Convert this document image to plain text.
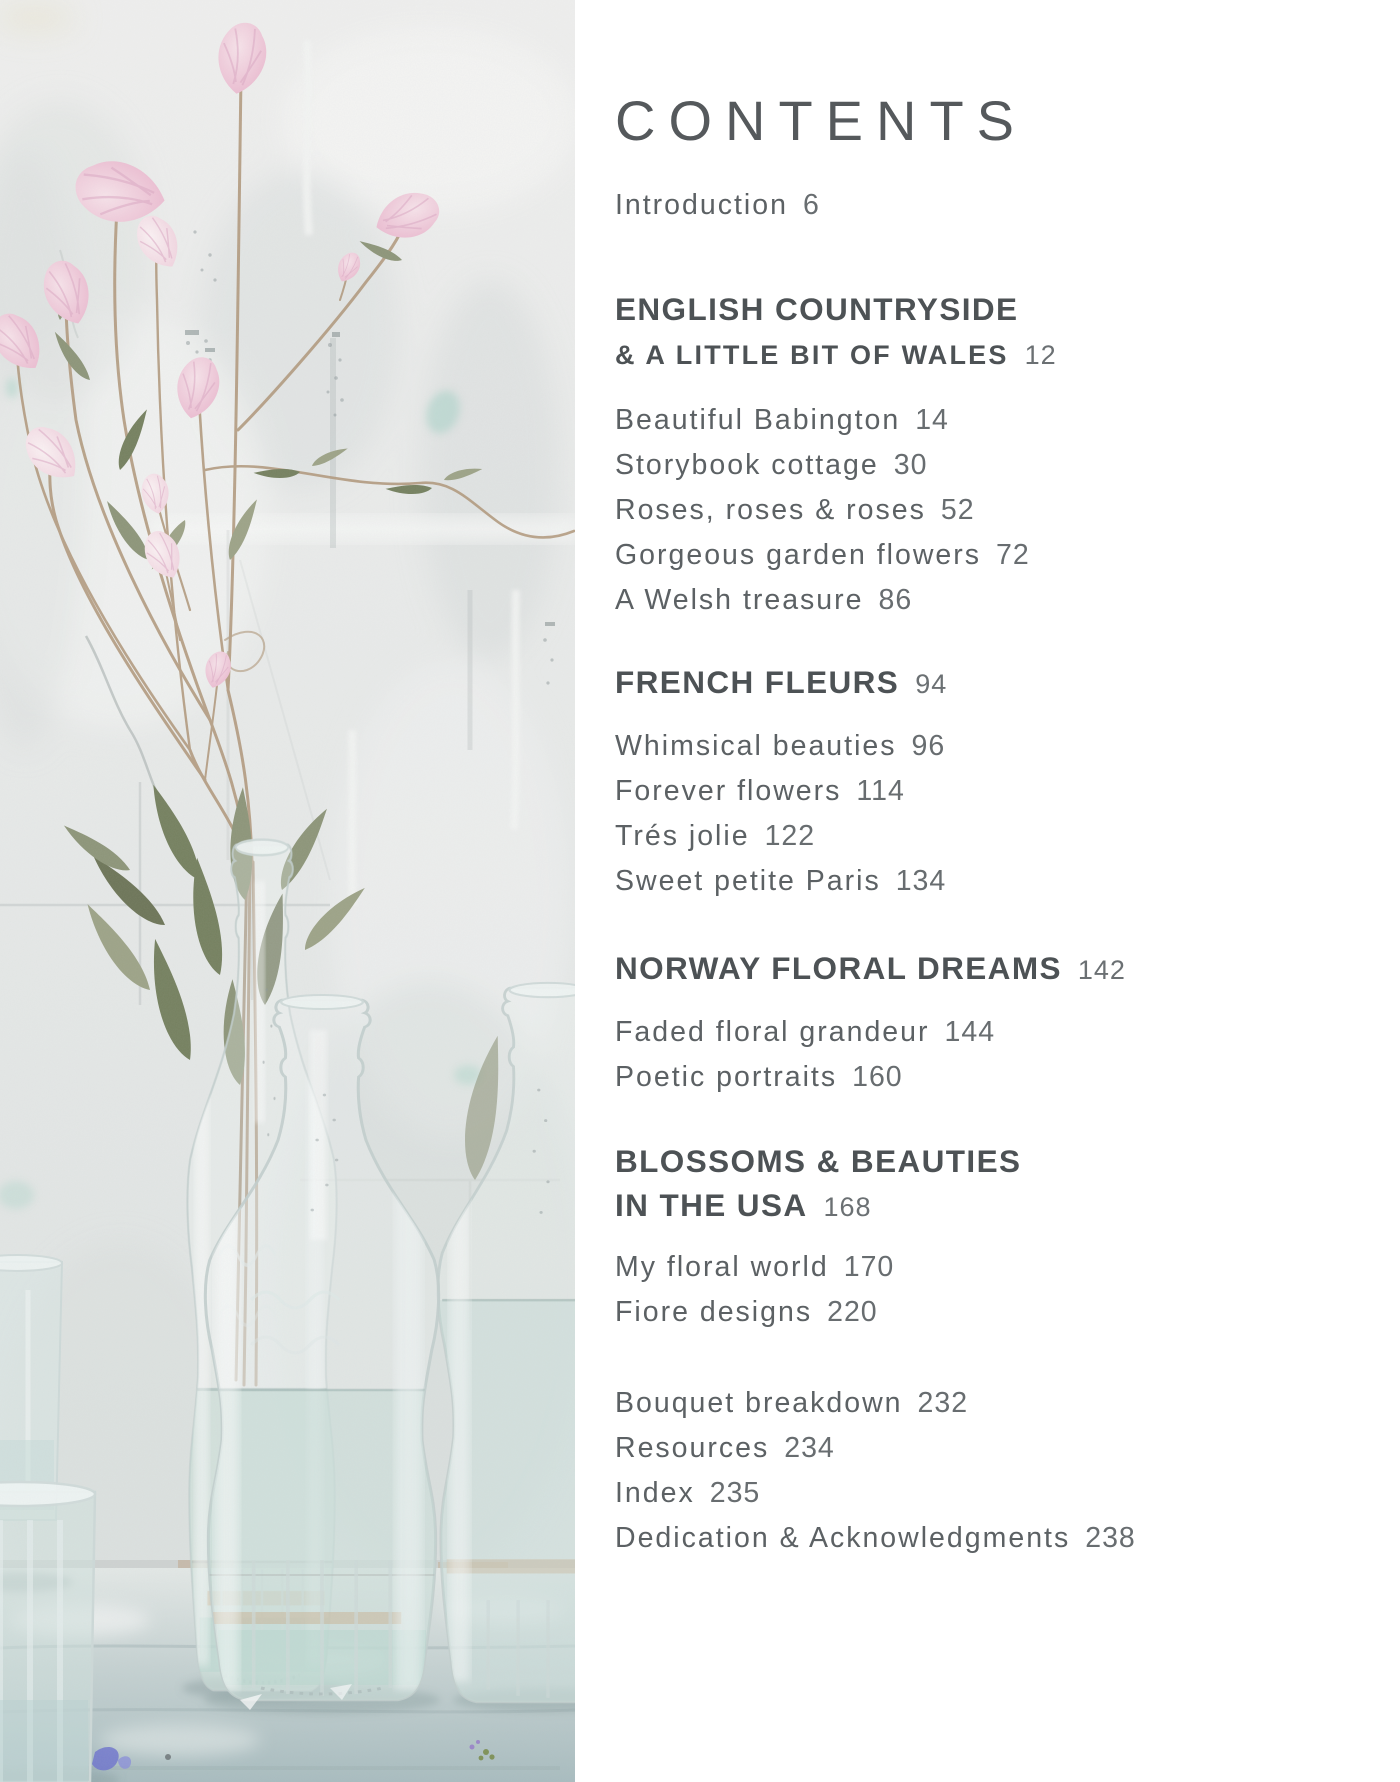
CONTENTS
Introduction 6
ENGLISH COUNTRYSIDE
& A LITTLE BIT OF WALES 12
Beautiful Babington 14
Storybook cottage 30
Roses, roses & roses 52
Gorgeous garden flowers 72
A Welsh treasure 86
FRENCH FLEURS 94
Whimsical beauties 96
Forever flowers 114
Trés jolie 122
Sweet petite Paris 134
NORWAY FLORAL DREAMS 142
Faded floral grandeur 144
Poetic portraits 160
BLOSSOMS & BEAUTIES
IN THE USA 168
My floral world 170
Fiore designs 220
Bouquet breakdown 232
Resources 234
Index 235
Dedication & Acknowledgments 238
